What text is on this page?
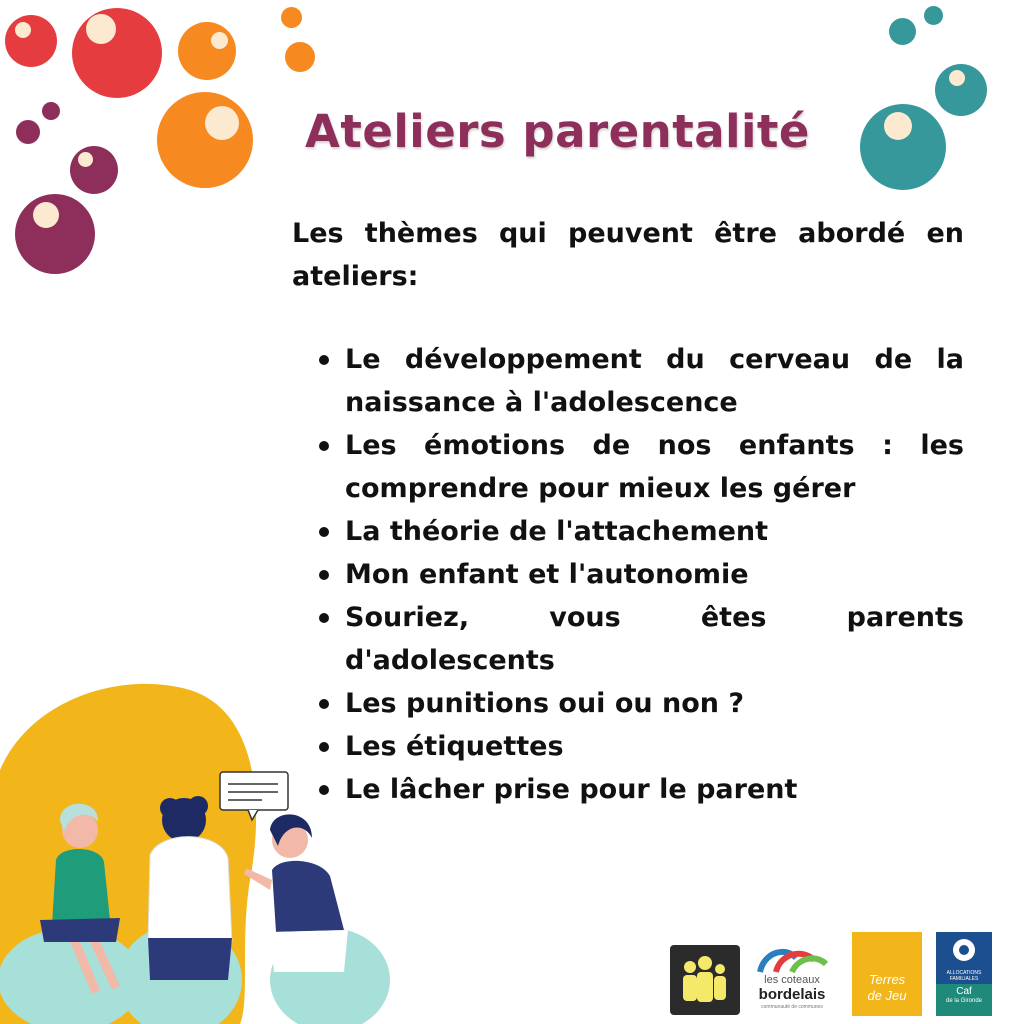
Ateliers parentalité

Les thèmes qui peuvent être abordé en ateliers:

Le développement du cerveau de la naissance à l'adolescence
Les émotions de nos enfants : les comprendre pour mieux les gérer
La théorie de l'attachement
Mon enfant et l'autonomie
Souriez, vous êtes parents d'adolescents
Les punitions oui ou non ?
Les étiquettes
Le lâcher prise pour le parent
les coteaux
bordelais
communauté de communes
Terres
de Jeu
ALLOCATIONS
FAMILIALES
Caf
de la Gironde
